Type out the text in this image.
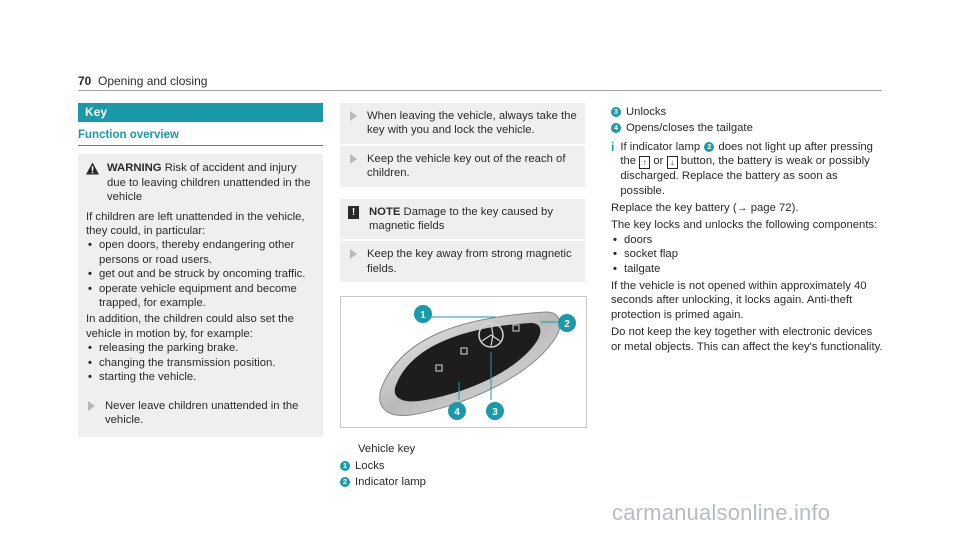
70 Opening and closing
Key
Function overview
WARNING Risk of accident and injury due to leaving children unattended in the vehicle

If children are left unattended in the vehicle, they could, in particular:

• open doors, thereby endangering other persons or road users.
• get out and be struck by oncoming traffic.
• operate vehicle equipment and become trapped, for example.

In addition, the children could also set the vehicle in motion by, for example:

• releasing the parking brake.
• changing the transmission position.
• starting the vehicle.
Never leave children unattended in the vehicle.
When leaving the vehicle, always take the key with you and lock the vehicle.
Keep the vehicle key out of the reach of children.
!	NOTE Damage to the key caused by magnetic fields
Keep the key away from strong magnetic fields.
1
2
3
4
Vehicle key
1 Locks
2 Indicator lamp
3 Unlocks
4 Opens/closes the tailgate
i If indicator lamp 2 does not light up after pressing the ↑ or ↓ button, the battery is weak or possibly discharged. Replace the battery as soon as possible.

Replace the key battery (→ page 72).

The key locks and unlocks the following components:

• doors
• socket flap
• tailgate

If the vehicle is not opened within approximately 40 seconds after unlocking, it locks again. Anti-theft protection is primed again.

Do not keep the key together with electronic devices or metal objects. This can affect the key's functionality.

carmanualsonline.info
